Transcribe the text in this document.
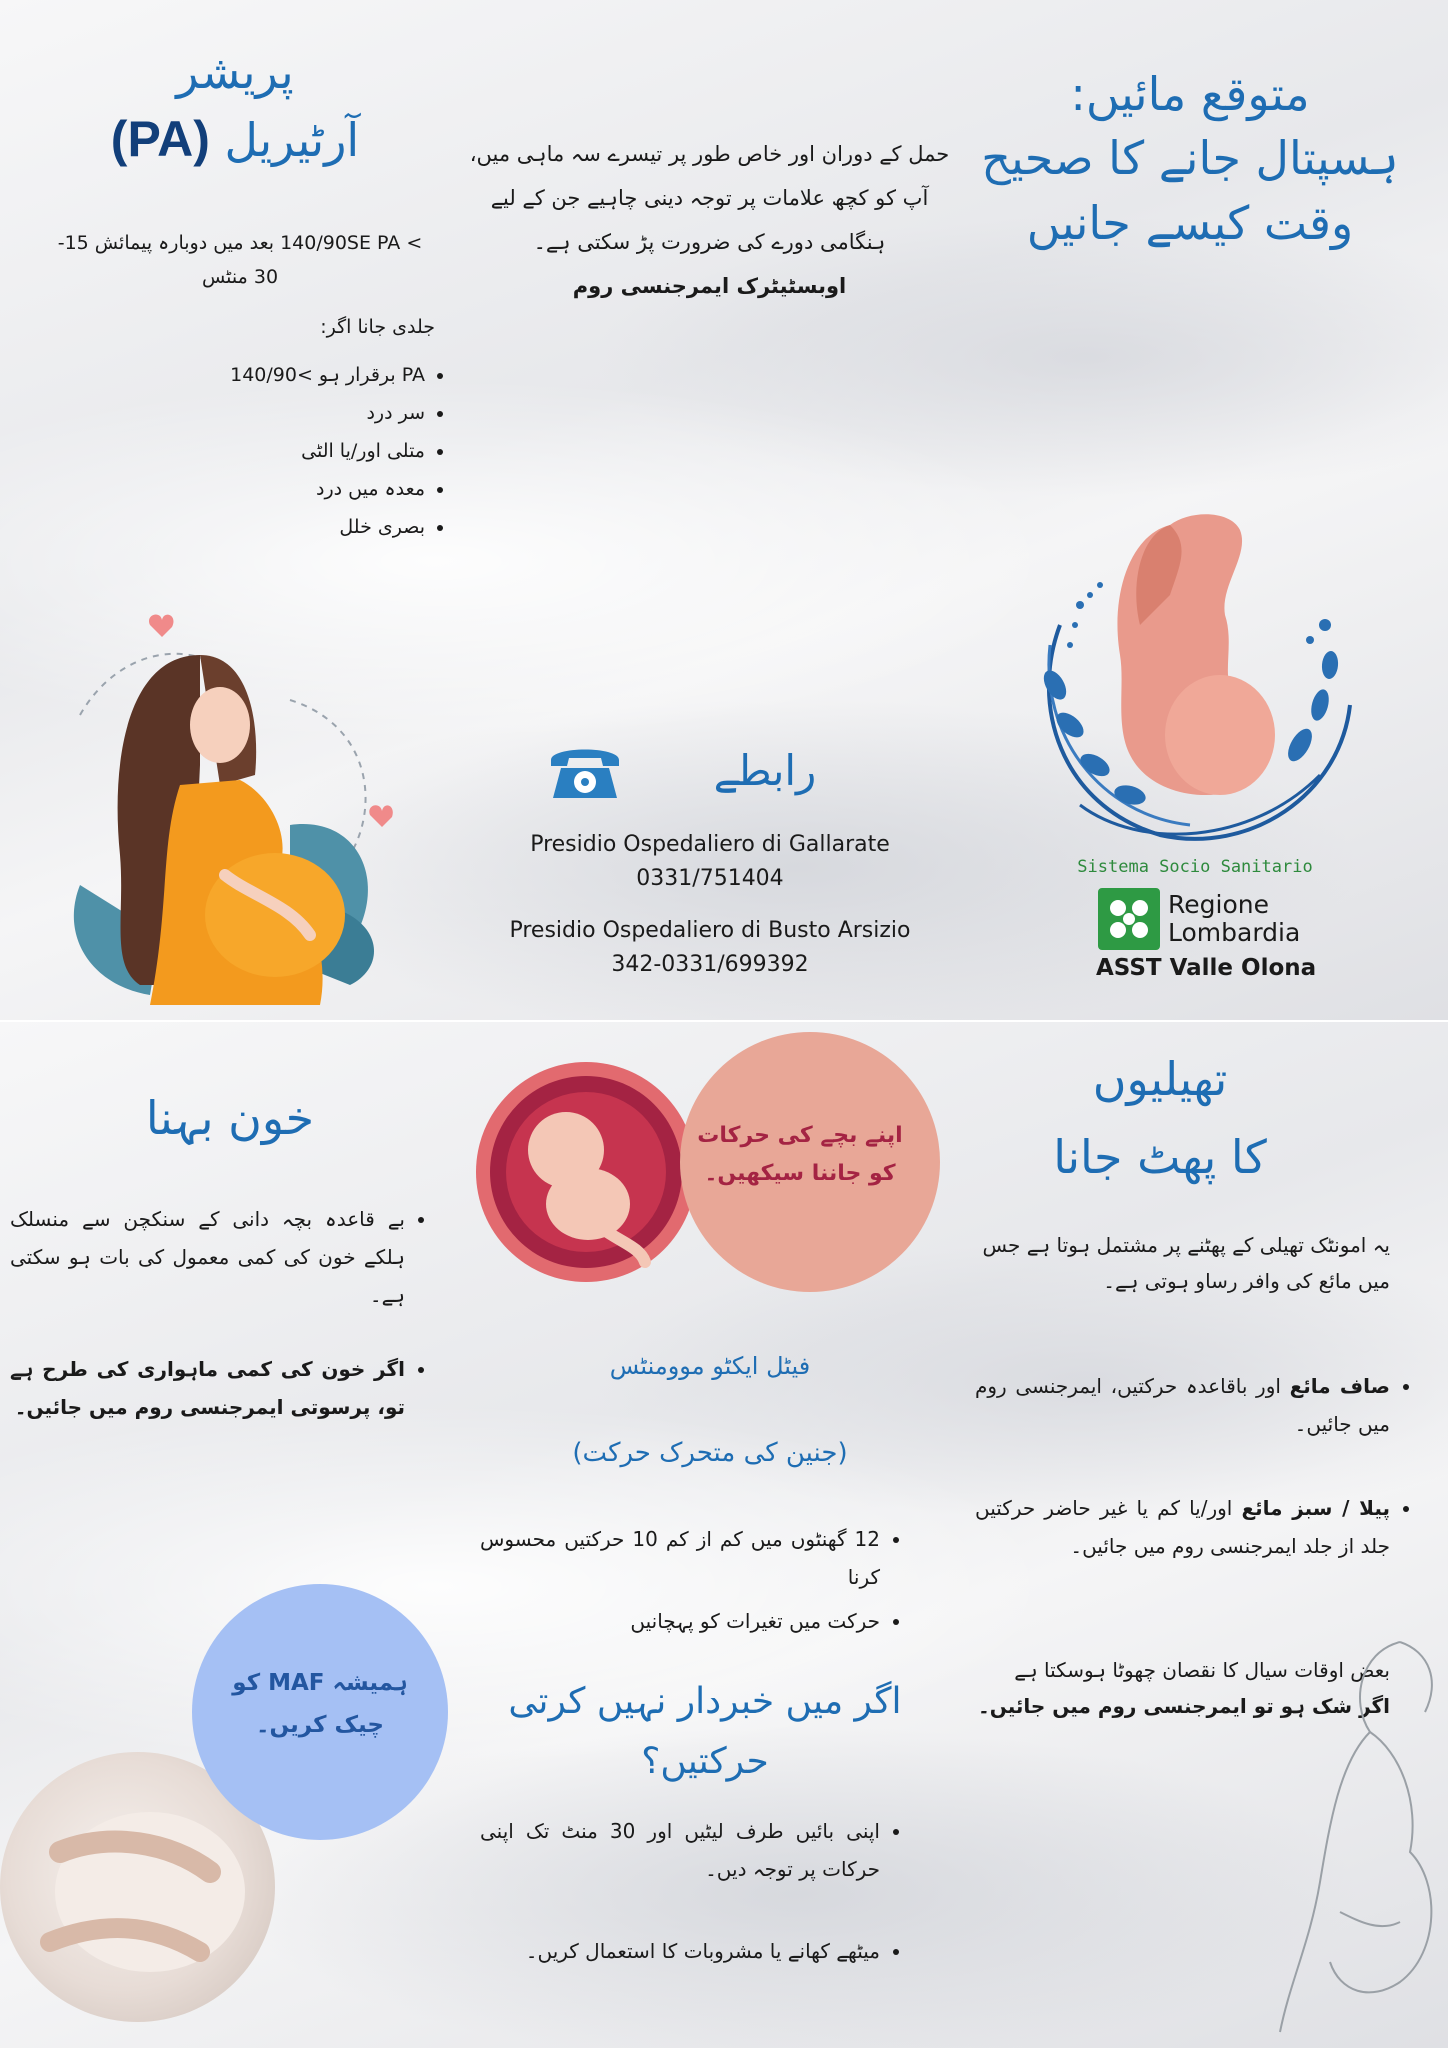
متوقع مائیں:

ہسپتال جانے کا صحیح

وقت کیسے جانیں

Sistema Socio Sanitario
Regione
Lombardia
ASST Valle Olona
حمل کے دوران اور خاص طور پر تیسرے سہ ماہی میں، آپ کو کچھ علامات پر توجہ دینی چاہیے جن کے لیے ہنگامی دورے کی ضرورت پڑ سکتی ہے۔
اوبسٹیٹرک ایمرجنسی روم
رابطے
Presidio Ospedaliero di Gallarate
0331/751404
Presidio Ospedaliero di Busto Arsizio
342-0331/699392

پریشر

آرٹیریل (PA)

> 140/90SE PA بعد میں دوبارہ پیمائش 15-
30 منٹس
جلدی جانا اگر:
• PA برقرار ہو >140/90
• سر درد
• متلی اور/یا الٹی
• معدہ میں درد
• بصری خلل

تھیلیوں

کا پھٹ جانا

یہ امونٹک تھیلی کے پھٹنے پر مشتمل ہوتا ہے جس میں مائع کی وافر رساو ہوتی ہے۔
• صاف مائع اور باقاعدہ حرکتیں، ایمرجنسی روم میں جائیں۔
• پیلا / سبز مائع اور/یا کم یا غیر حاضر حرکتیں جلد از جلد ایمرجنسی روم میں جائیں۔
بعض اوقات سیال کا نقصان چھوٹا ہوسکتا ہے
اگر شک ہو تو ایمرجنسی روم میں جائیں۔
اپنے بچے کی حرکات
کو جاننا سیکھیں۔
فیٹل ایکٹو موومنٹس
(جنین کی متحرک حرکت)
• 12 گھنٹوں میں کم از کم 10 حرکتیں محسوس کرنا
• حرکت میں تغیرات کو پہچانیں

اگر میں خبردار نہیں کرتی

حرکتیں؟

• اپنی بائیں طرف لیٹیں اور 30 منٹ تک اپنی حرکات پر توجہ دیں۔
• میٹھے کھانے یا مشروبات کا استعمال کریں۔
خون بہنا
• بے قاعدہ بچہ دانی کے سنکچن سے منسلک ہلکے خون کی کمی معمول کی بات ہو سکتی ہے۔
• اگر خون کی کمی ماہواری کی طرح ہے تو، پرسوتی ایمرجنسی روم میں جائیں۔
ہمیشہ MAF کو
چیک کریں۔
